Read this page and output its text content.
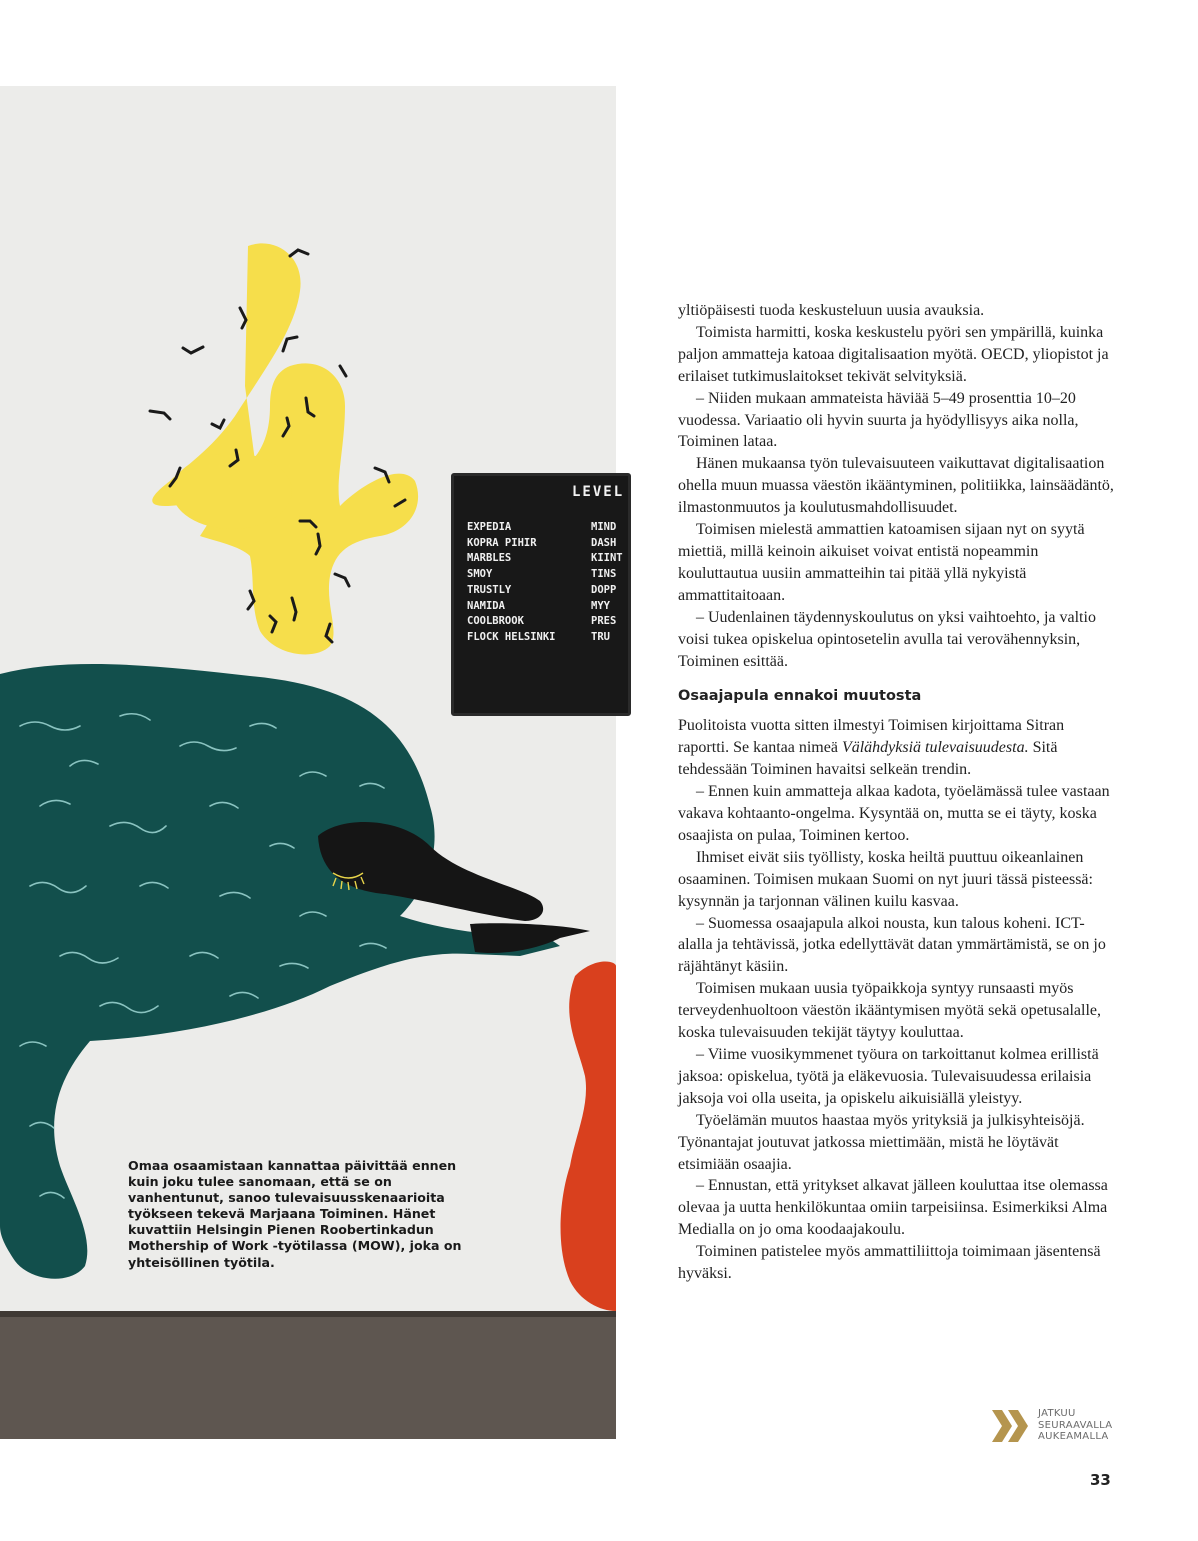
LEVEL
EXPEDIA
KOPRA PIHIR
MARBLES
SMOY
TRUSTLY
NAMIDA
COOLBROOK
FLOCK HELSINKI
MIND
DASH
KIINT
TINS
DOPP
MYY
PRES
TRU

Omaa osaamistaan kannattaa päivittää ennen kuin joku tulee sanomaan, että se on vanhentunut, sanoo tulevaisuusskenaarioita työkseen tekevä Marjaana Toiminen. Hänet kuvattiin Helsingin Pienen Roobertinkadun Mothership of Work -työtilassa (MOW), joka on yhteisöllinen työtila.

yltiöpäisesti tuoda keskusteluun uusia avauksia.

Toimista harmitti, koska keskustelu pyöri sen ympärillä, kuinka paljon ammatteja katoaa digitalisaation myötä. OECD, yliopistot ja erilaiset tutkimuslaitokset tekivät selvityksiä.

– Niiden mukaan ammateista häviää 5–49 prosenttia 10–20 vuodessa. Variaatio oli hyvin suurta ja hyödyllisyys aika nolla, Toiminen lataa.

Hänen mukaansa työn tulevaisuuteen vaikuttavat digitalisaation ohella muun muassa väestön ikääntyminen, politiikka, lainsäädäntö, ilmastonmuutos ja koulutusmahdollisuudet.

Toimisen mielestä ammattien katoamisen sijaan nyt on syytä miettiä, millä keinoin aikuiset voivat entistä nopeammin kouluttautua uusiin ammatteihin tai pitää yllä nykyistä ammattitaitoaan.

– Uudenlainen täydennyskoulutus on yksi vaihtoehto, ja valtio voisi tukea opiskelua opintosetelin avulla tai verovähennyksin, Toiminen esittää.

Osaajapula ennakoi muutosta

Puolitoista vuotta sitten ilmestyi Toimisen kirjoittama Sitran raportti. Se kantaa nimeä Välähdyksiä tulevaisuudesta. Sitä tehdessään Toiminen havaitsi selkeän trendin.

– Ennen kuin ammatteja alkaa kadota, työelämässä tulee vastaan vakava kohtaanto-ongelma. Kysyntää on, mutta se ei täyty, koska osaajista on pulaa, Toiminen kertoo.

Ihmiset eivät siis työllisty, koska heiltä puuttuu oikeanlainen osaaminen. Toimisen mukaan Suomi on nyt juuri tässä pisteessä: kysynnän ja tarjonnan välinen kuilu kasvaa.

– Suomessa osaajapula alkoi nousta, kun talous koheni. ICT-alalla ja tehtävissä, jotka edellyttävät datan ymmärtämistä, se on jo räjähtänyt käsiin.

Toimisen mukaan uusia työpaikkoja syntyy runsaasti myös terveydenhuoltoon väestön ikääntymisen myötä sekä opetusalalle, koska tulevaisuuden tekijät täytyy kouluttaa.

– Viime vuosikymmenet työura on tarkoittanut kolmea erillistä jaksoa: opiskelua, työtä ja eläkevuosia. Tulevaisuudessa erilaisia jaksoja voi olla useita, ja opiskelu aikuisiällä yleistyy.

Työelämän muutos haastaa myös yrityksiä ja julkisyhteisöjä. Työnantajat joutuvat jatkossa miettimään, mistä he löytävät etsimiään osaajia.

– Ennustan, että yritykset alkavat jälleen kouluttaa itse olemassa olevaa ja uutta henkilökuntaa omiin tarpeisiinsa. Esimerkiksi Alma Medialla on jo oma koodaajakoulu.

Toiminen patistelee myös ammattiliittoja toimimaan jäsentensä hyväksi.

JATKUU
SEURAAVALLA
AUKEAMALLA
33
